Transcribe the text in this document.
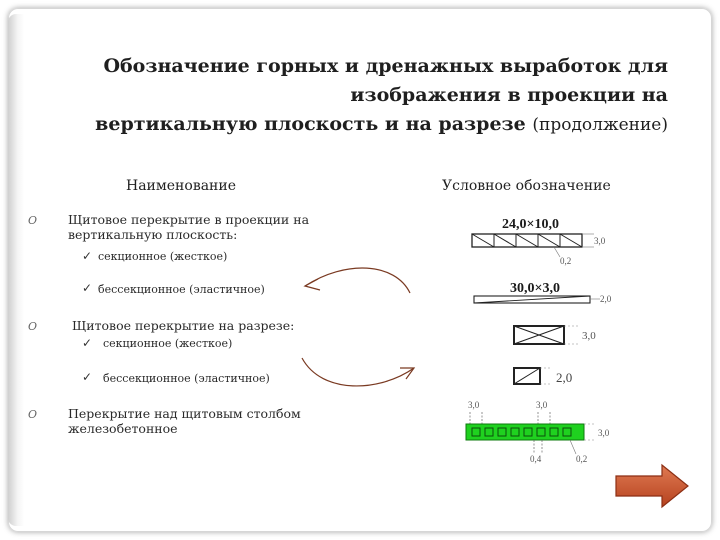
Обозначение горных и дренажных выработок для
изображения в проекции на
вертикальную плоскость и на разрезе (продолжение)
Наименование	Условное обозначение
O Щитовое перекрытие в проекции на
вертикальную плоскость:
✓ секционное (жесткое)
✓ бессекционное (эластичное)
O	Щитовое перекрытие на разрезе:
✓ секционное (жесткое)
✓ бессекционное (эластичное)
O Перекрытие над щитовым столбом
железобетонное
24,0×10,0
3,0
0,2
30,0×3,0
2,0
3,0
2,0
3,0	3,0
3,0
0,4	0,2
